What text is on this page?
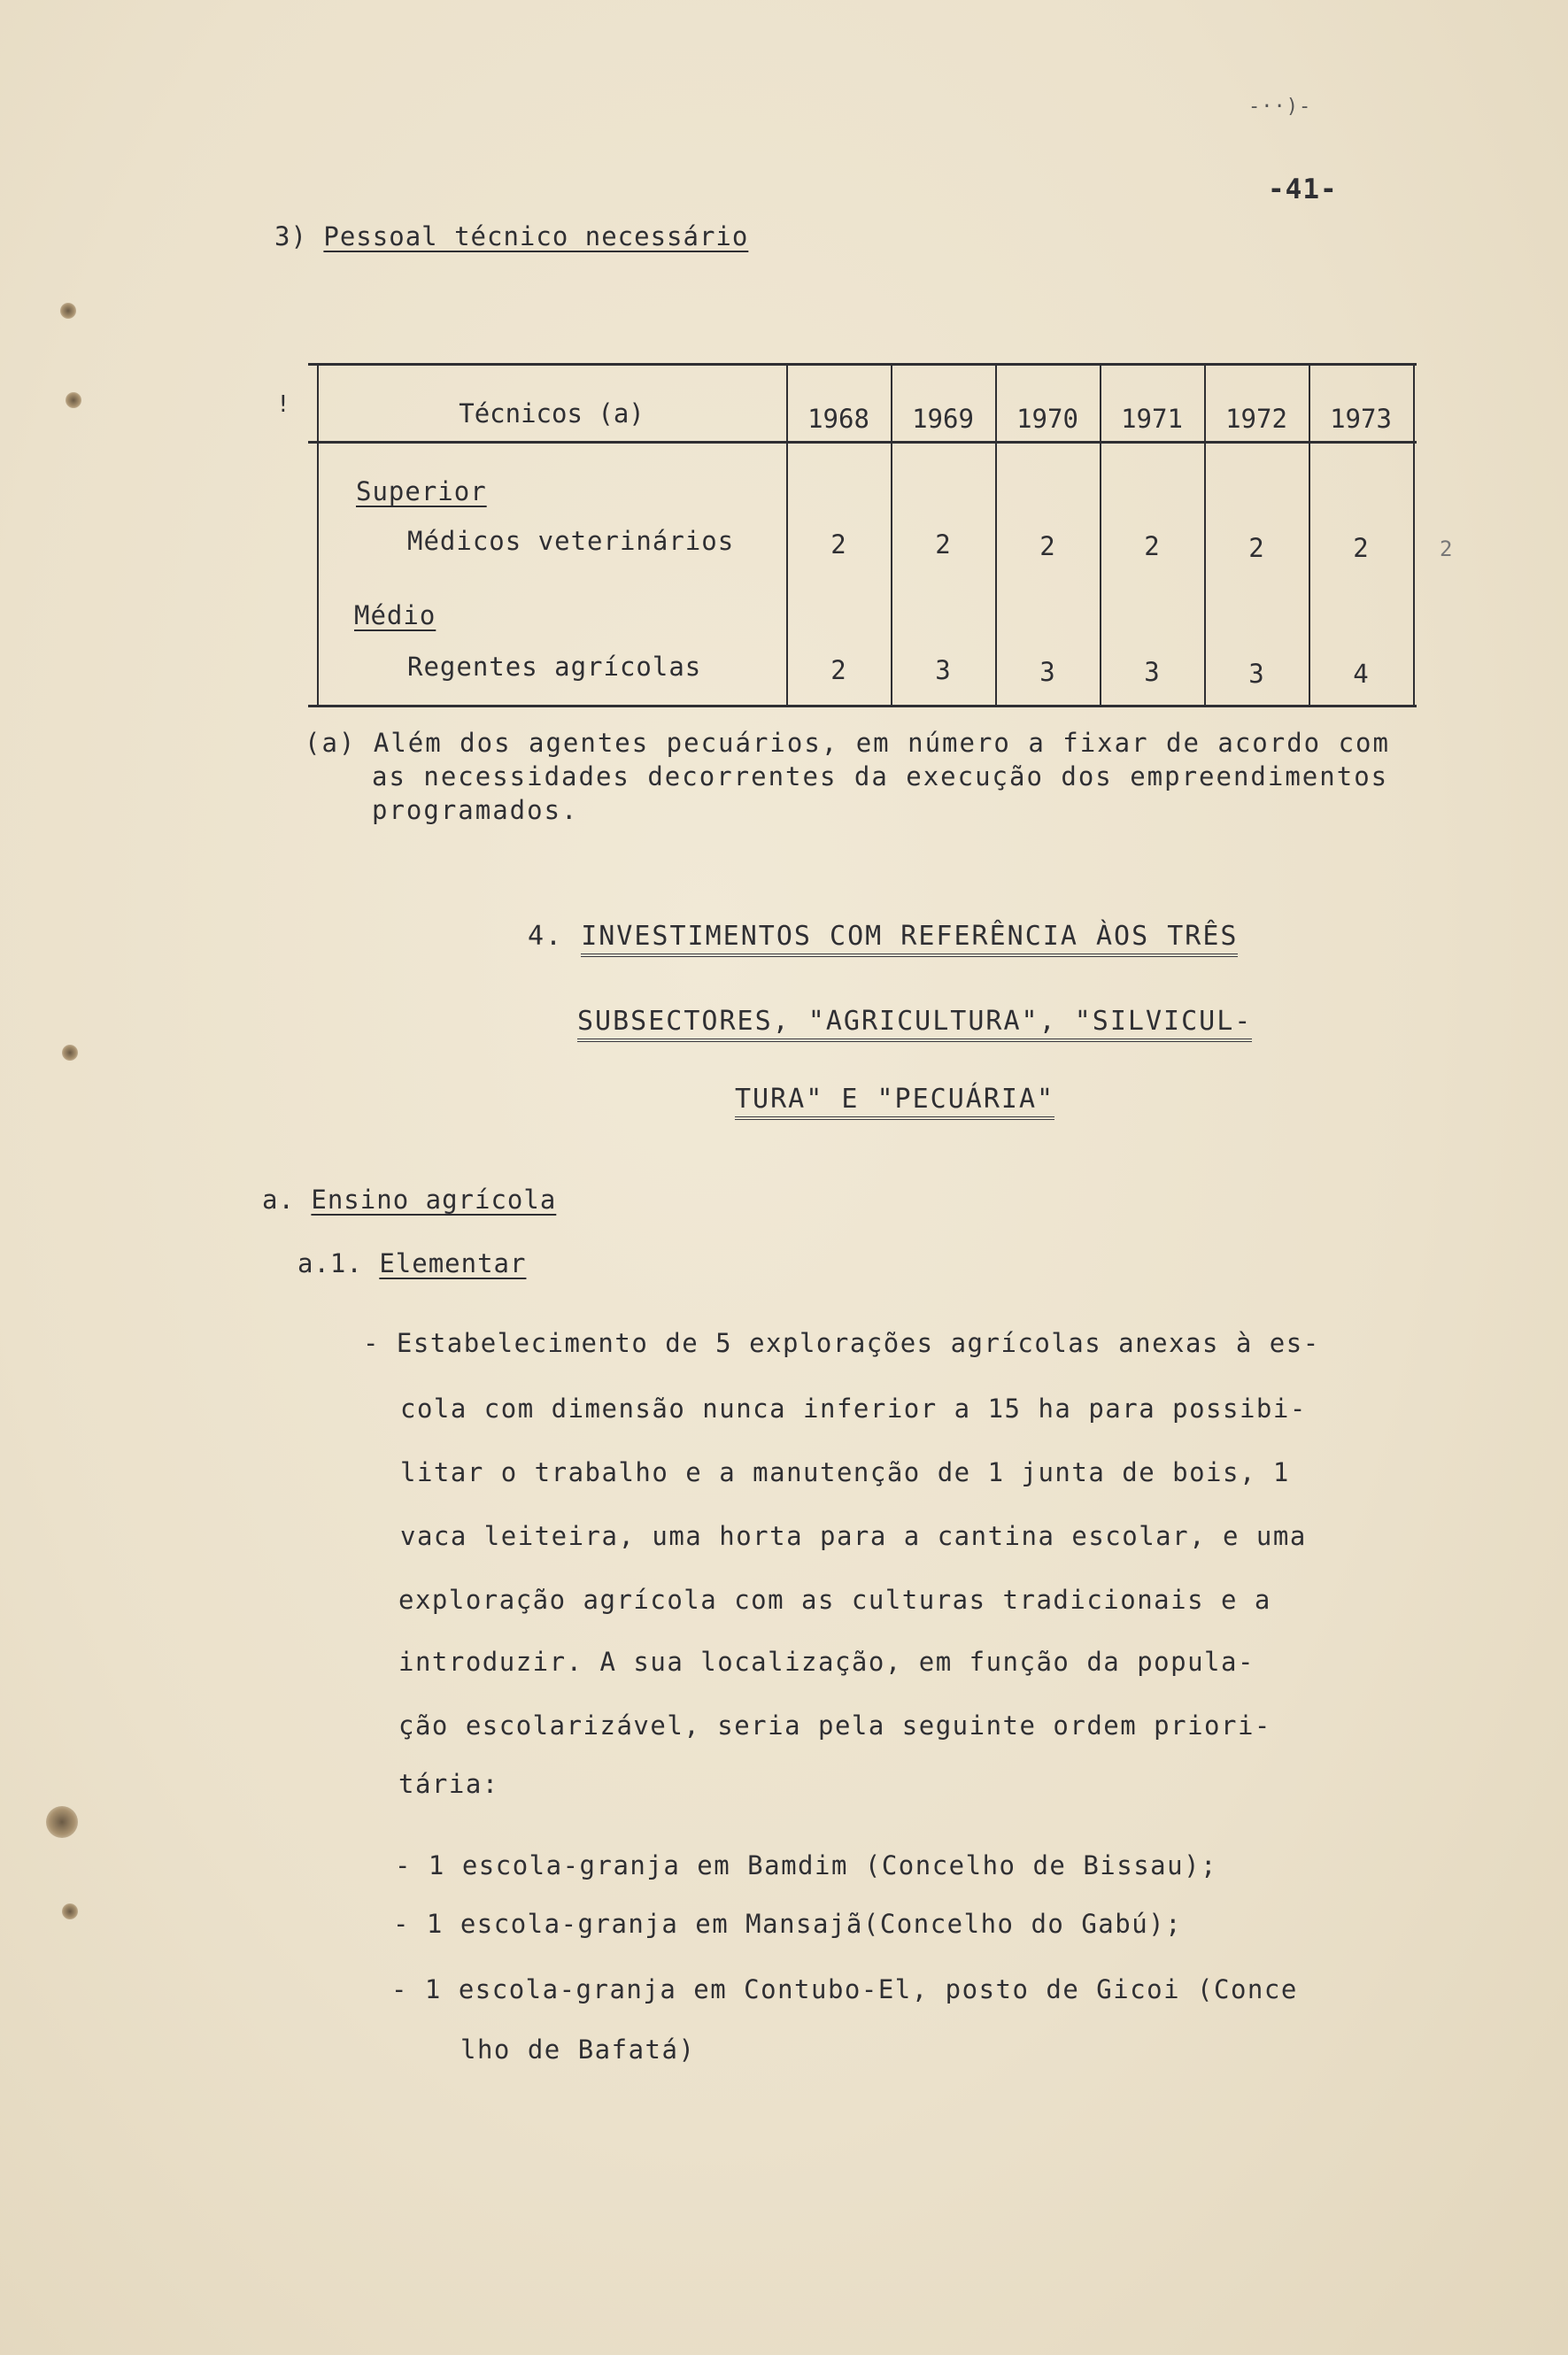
-··)-
-41-
3) Pessoal técnico necessário
!	Técnicos (a)	1968	1969	1970	1971	1972	1973
Superior
Médicos veterinários	2	2	2	2	2	2
Médio
Regentes agrícolas	2	3	3	3	3	4
2
(a) Além dos agentes pecuários, em número a fixar de acordo com
as necessidades decorrentes da execução dos empreendimentos
programados.
4. INVESTIMENTOS COM REFERÊNCIA ÀOS TRÊS
SUBSECTORES, "AGRICULTURA", "SILVICUL-
TURA" E "PECUÁRIA"
a. Ensino agrícola
a.1. Elementar
- Estabelecimento de 5 explorações agrícolas anexas à es-
cola com dimensão nunca inferior a 15 ha para possibi-
litar o trabalho e a manutenção de 1 junta de bois, 1
vaca leiteira, uma horta para a cantina escolar, e uma
exploração agrícola com as culturas tradicionais e a
introduzir. A sua localização, em função da popula-
ção escolarizável, seria pela seguinte ordem priori-
tária:
- 1 escola-granja em Bamdim (Concelho de Bissau);
- 1 escola-granja em Mansajã(Concelho do Gabú);
- 1 escola-granja em Contubo-El, posto de Gicoi (Conce
lho de Bafatá)
